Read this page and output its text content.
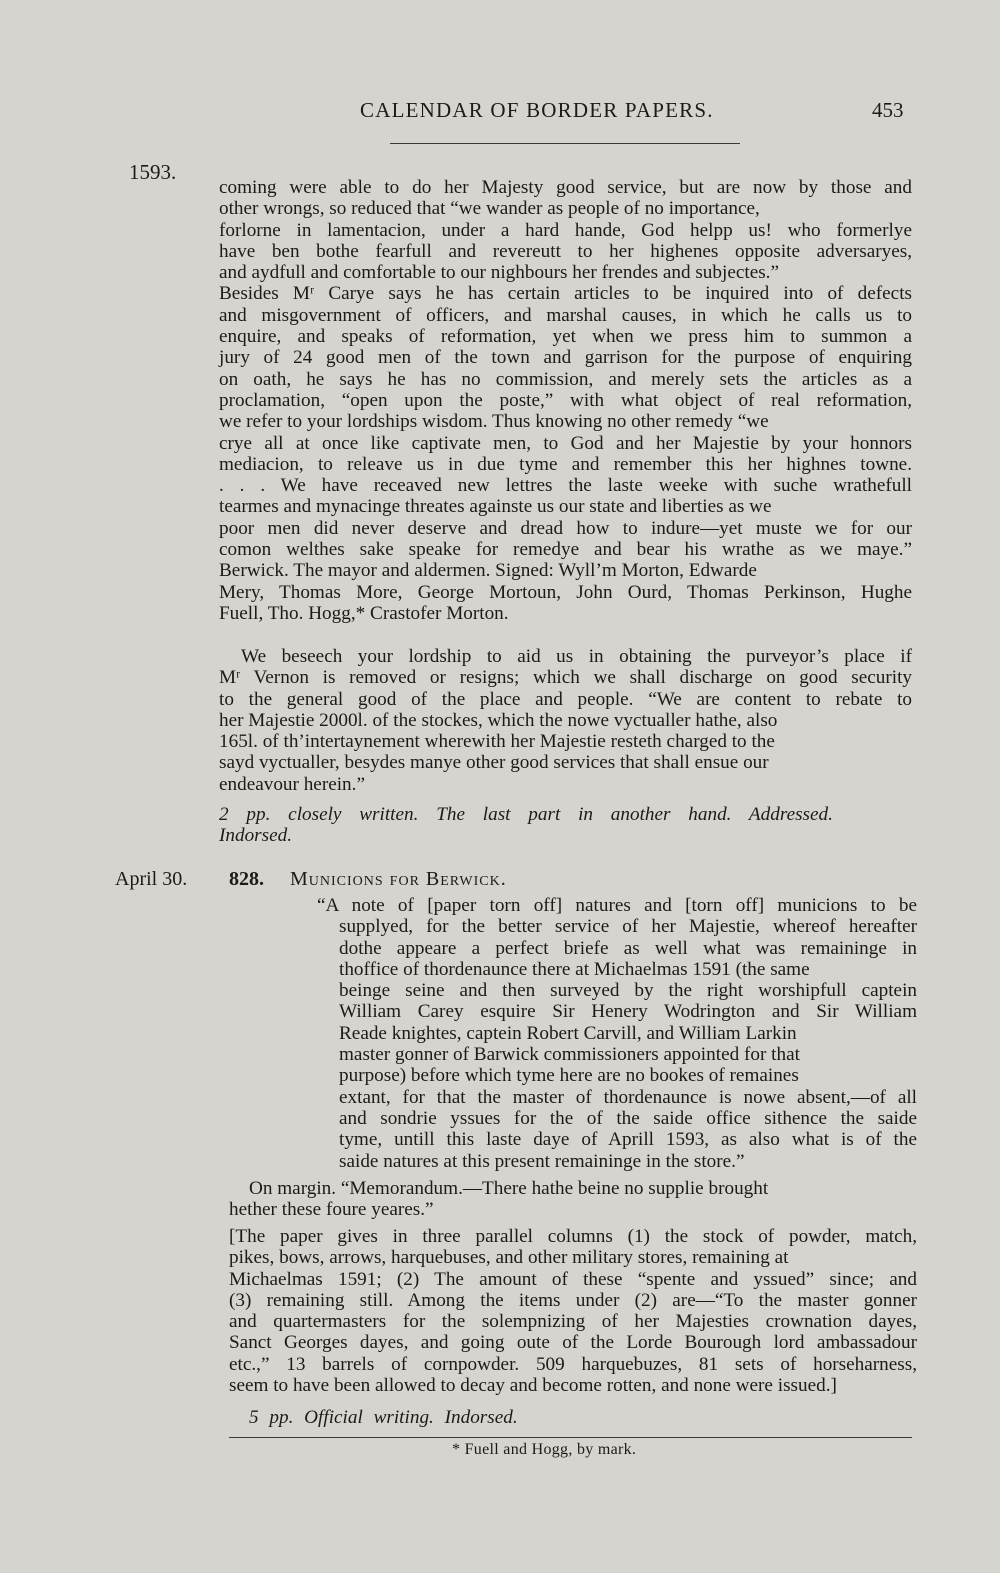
CALENDAR OF BORDER PAPERS.	453
1593.
coming were able to do her Majesty good service, but are now by those and
other wrongs, so reduced that “we wander as people of no importance,
forlorne in lamentacion, under a hard hande, God helpp us! who formerlye
have ben bothe fearfull and revereutt to her highenes opposite adversaryes,
and aydfull and comfortable to our nighbours her frendes and subjectes.”
Besides Mʳ Carye says he has certain articles to be inquired into of defects
and misgovernment of officers, and marshal causes, in which he calls us to
enquire, and speaks of reformation, yet when we press him to summon a
jury of 24 good men of the town and garrison for the purpose of enquiring
on oath, he says he has no commission, and merely sets the articles as a
proclamation, “open upon the poste,” with what object of real reformation,
we refer to your lordships wisdom. Thus knowing no other remedy “we
crye all at once like captivate men, to God and her Majestie by your honnors
mediacion, to releave us in due tyme and remember this her highnes towne.
. . . We have receaved new lettres the laste weeke with suche wrathefull
tearmes and mynacinge threates againste us our state and liberties as we
poor men did never deserve and dread how to indure—yet muste we for our
comon welthes sake speake for remedye and bear his wrathe as we maye.”
Berwick. The mayor and aldermen. Signed: Wyll’m Morton, Edwarde
Mery, Thomas More, George Mortoun, John Ourd, Thomas Perkinson, Hughe
Fuell, Tho. Hogg,* Crastofer Morton.
We beseech your lordship to aid us in obtaining the purveyor’s place if
Mʳ Vernon is removed or resigns; which we shall discharge on good security
to the general good of the place and people. “We are content to rebate to
her Majestie 2000l. of the stockes, which the nowe vyctualler hathe, also
165l. of th’intertaynement wherewith her Majestie resteth charged to the
sayd vyctualler, besydes manye other good services that shall ensue our
endeavour herein.”
2 pp. closely written. The last part in another hand. Addressed.
Indorsed.
April 30. 828. Municions for Berwick.
“A note of [paper torn off] natures and [torn off] municions to be
supplyed, for the better service of her Majestie, whereof hereafter
dothe appeare a perfect briefe as well what was remaininge in
thoffice of thordenaunce there at Michaelmas 1591 (the same
beinge seine and then surveyed by the right worshipfull captein
William Carey esquire Sir Henery Wodrington and Sir William
Reade knightes, captein Robert Carvill, and William Larkin
master gonner of Barwick commissioners appointed for that
purpose) before which tyme here are no bookes of remaines
extant, for that the master of thordenaunce is nowe absent,—of all
and sondrie yssues for the of the saide office sithence the saide
tyme, untill this laste daye of Aprill 1593, as also what is of the
saide natures at this present remaininge in the store.”
On margin. “Memorandum.—There hathe beine no supplie brought
hether these foure yeares.”
[The paper gives in three parallel columns (1) the stock of powder, match,
pikes, bows, arrows, harquebuses, and other military stores, remaining at
Michaelmas 1591; (2) The amount of these “spente and yssued” since; and
(3) remaining still. Among the items under (2) are—“To the master gonner
and quartermasters for the solempnizing of her Majesties crownation dayes,
Sanct Georges dayes, and going oute of the Lorde Bourough lord ambassadour
etc.,” 13 barrels of cornpowder. 509 harquebuzes, 81 sets of horseharness,
seem to have been allowed to decay and become rotten, and none were issued.]
5 pp. Official writing. Indorsed.
* Fuell and Hogg, by mark.
